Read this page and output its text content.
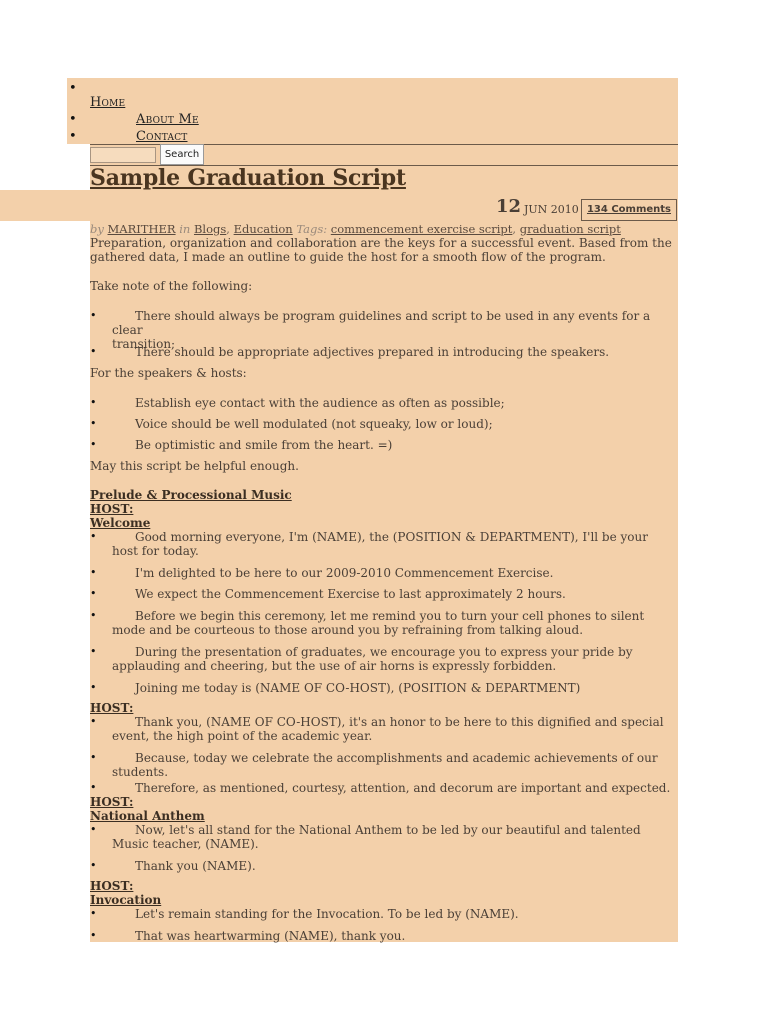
•
Home
•	About Me
•	Contact
Search
Sample Graduation Script
12 JUN 2010 134 Comments
by MARITHER in Blogs, Education Tags: commencement exercise script, graduation script
Preparation, organization and collaboration are the keys for a successful event. Based from the
gathered data, I made an outline to guide the host for a smooth flow of the program.
Take note of the following:
•	There should always be program guidelines and script to be used in any events for a clear
transition;
•	There should be appropriate adjectives prepared in introducing the speakers.
For the speakers & hosts:
•	Establish eye contact with the audience as often as possible;
•	Voice should be well modulated (not squeaky, low or loud);
•	Be optimistic and smile from the heart. =)
May this script be helpful enough.
Prelude & Processional Music
HOST:
Welcome
•	Good morning everyone, I'm (NAME), the (POSITION & DEPARTMENT), I'll be your
host for today.
•	I'm delighted to be here to our 2009-2010 Commencement Exercise.
•	We expect the Commencement Exercise to last approximately 2 hours.
•	Before we begin this ceremony, let me remind you to turn your cell phones to silent
mode and be courteous to those around you by refraining from talking aloud.
•	During the presentation of graduates, we encourage you to express your pride by
applauding and cheering, but the use of air horns is expressly forbidden.
•	Joining me today is (NAME OF CO-HOST), (POSITION & DEPARTMENT)
HOST:
•	Thank you, (NAME OF CO-HOST), it's an honor to be here to this dignified and special
event, the high point of the academic year.
•	Because, today we celebrate the accomplishments and academic achievements of our
students.
•	Therefore, as mentioned, courtesy, attention, and decorum are important and expected.
HOST:
National Anthem
•	Now, let's all stand for the National Anthem to be led by our beautiful and talented
Music teacher, (NAME).
•	Thank you (NAME).
HOST:
Invocation
•	Let's remain standing for the Invocation. To be led by (NAME).
•	That was heartwarming (NAME), thank you.
